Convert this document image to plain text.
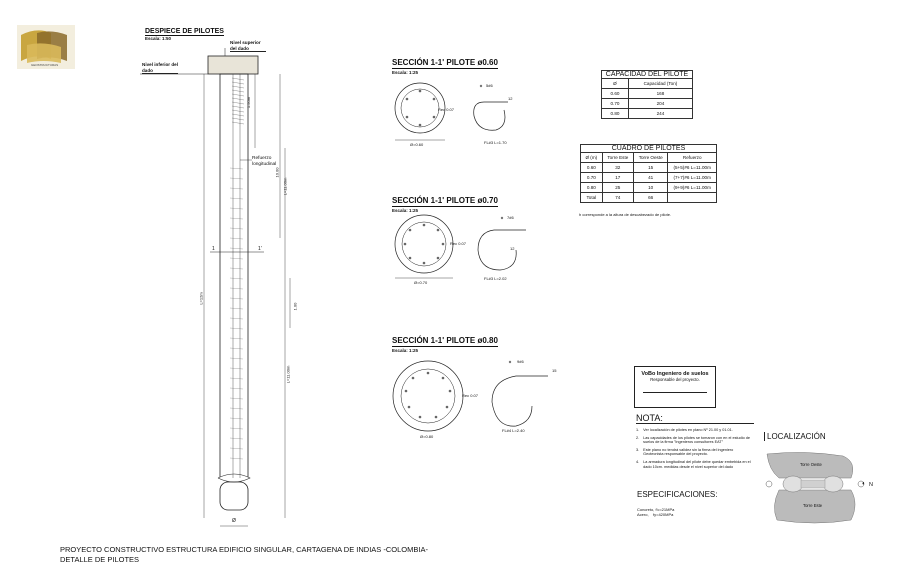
GEOSTRUCTURAS
DESPIECE DE PILOTES
Escala: 1:50
Nivel superior del dado
Nivel inferior del dado
Refuerzo
longitudinal
1.50m
10.00
L=11.00m
L=11.00m
1.00
L=12m
1	1'
Ø
SECCIÓN 1-1' PILOTE ø0.60
Escala: 1:25
5#6
Rec 0.07
Ø=0.60	FL#3 L=1.70
12
SECCIÓN 1-1' PILOTE ø0.70
Escala: 1:25
7#6
Rec 0.07
Ø=0.70
FL#3 L=2.02
12
SECCIÓN 1-1' PILOTE ø0.80
Escala: 1:25
9#6
Rec 0.07
Ø=0.80
FL#4 L=2.40
15
CAPACIDAD DEL PILOTE
Ø	Capacidad (Ton)
0.60	168
0.70	204
0.80	244
CUADRO DE PILOTES
Ø (m)	Torre Este	Torre Oeste	Refuerzo
0.60	32	15	(5+5)#6 L=11.00m
0.70	17	41	(7+7)#6 L=11.00m
0.80	25	10	(9+9)#6 L=11.00m
Total	74	66	
h corresponde a la altura de descabezado de pilote.
VoBo Ingeniero de suelos
Responsable del proyecto.
NOTA:
1. Ver localización de pilotes en plano Nº 21.00 y 01.01.
2. Las capacidades de los pilotes se tomaron con en el estudio de suelos de la firma "Ingenieros consultores EAT"
3. Este plano no tendrá validez sin la firma del ingeniero Geotecnista responsable del proyecto.
4. La armadura longitudinal del pilote debe quedar embebida en el dado 10cm. medidas desde el nivel superior del dado
ESPECIFICACIONES:
Concreto, f'c=21MPa
Acero,    fy=420MPa
LOCALIZACIÓN
Torre Oeste
Torre Este
◐ N
PROYECTO CONSTRUCTIVO ESTRUCTURA EDIFICIO SINGULAR, CARTAGENA DE INDIAS -COLOMBIA-
DETALLE DE PILOTES
